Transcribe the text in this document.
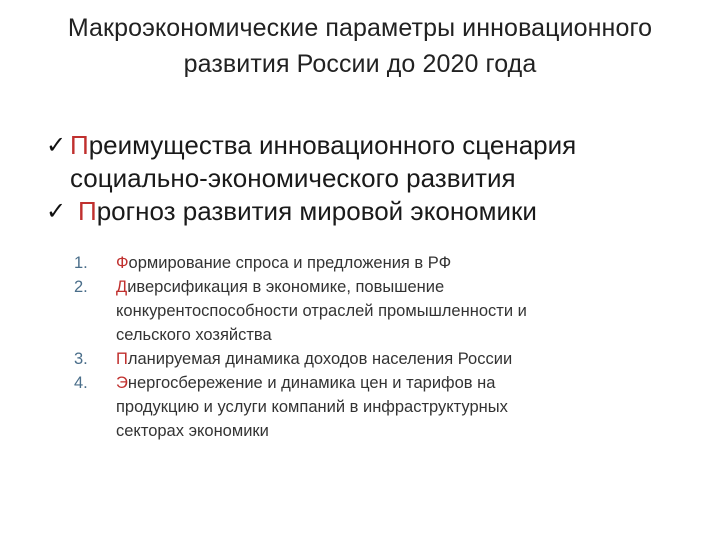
Макроэкономические параметры инновационного
развития России до 2020 года
✓ Преимущества инновационного сценария
социально-экономического развития
✓ Прогноз развития мировой экономики
1.	Формирование спроса и предложения в РФ
2.	Диверсификация в экономике, повышение
конкурентоспособности отраслей промышленности и
сельского хозяйства
3.	Планируемая динамика доходов населения России
4.	Энергосбережение и динамика цен и тарифов на
продукцию и услуги компаний в инфраструктурных
секторах экономики
